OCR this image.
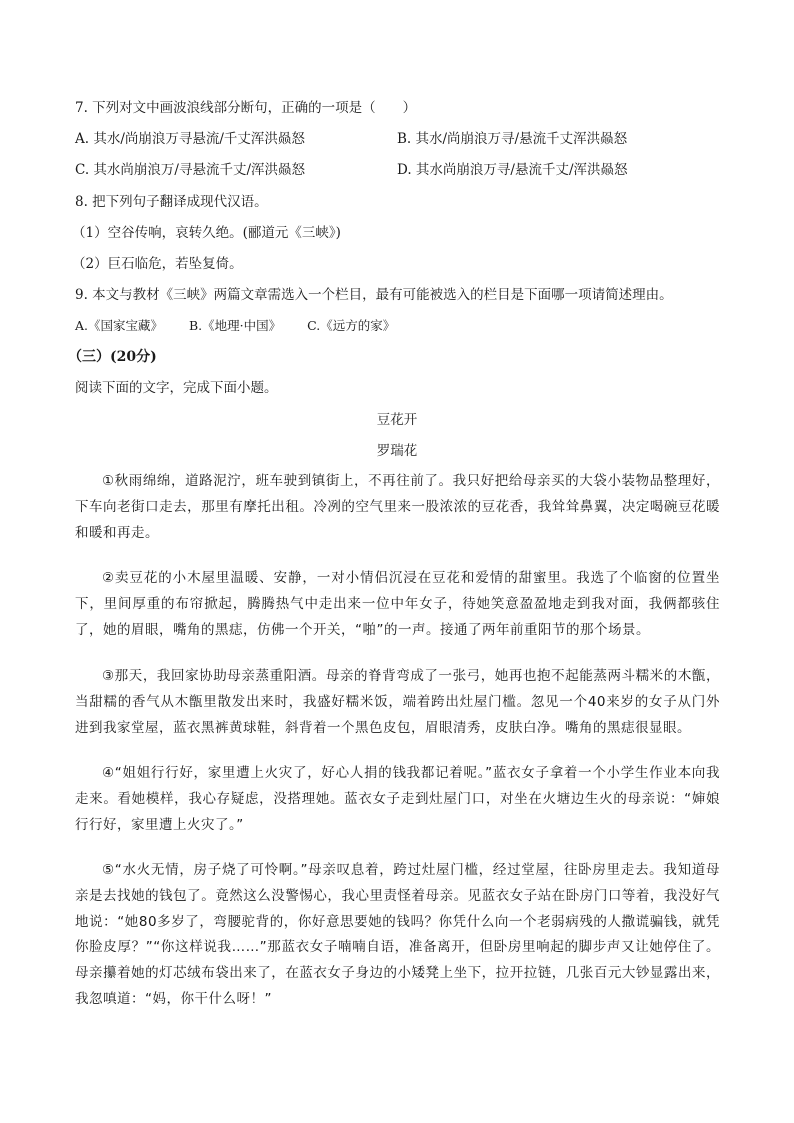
7. 下列对文中画波浪线部分断句，正确的一项是（　　）
A. 其水/尚崩浪万寻悬流/千丈浑洪赑怒	B. 其水/尚崩浪万寻/悬流千丈浑洪赑怒
C. 其水尚崩浪万/寻悬流千丈/浑洪赑怒	D. 其水尚崩浪万寻/悬流千丈/浑洪赑怒
8. 把下列句子翻译成现代汉语。
（1）空谷传响，哀转久绝。(郦道元《三峡》)
（2）巨石临危，若坠复倚。
9. 本文与教材《三峡》两篇文章需选入一个栏目，最有可能被选入的栏目是下面哪一项请简述理由。
A.《国家宝藏》 B.《地理·中国》 C.《远方的家》
（三）(20分)
阅读下面的文字，完成下面小题。
豆花开
罗瑞花
①秋雨绵绵，道路泥泞，班车驶到镇街上，不再往前了。我只好把给母亲买的大袋小装物品整理好，下车向老街口走去，那里有摩托出租。冷冽的空气里来一股浓浓的豆花香，我耸耸鼻翼，决定喝碗豆花暖和暖和再走。
②卖豆花的小木屋里温暖、安静，一对小情侣沉浸在豆花和爱情的甜蜜里。我选了个临窗的位置坐下，里间厚重的布帘掀起，腾腾热气中走出来一位中年女子，待她笑意盈盈地走到我对面，我俩都骇住了，她的眉眼，嘴角的黑痣，仿佛一个开关，“啪”的一声。接通了两年前重阳节的那个场景。
③那天，我回家协助母亲蒸重阳酒。母亲的脊背弯成了一张弓，她再也抱不起能蒸两斗糯米的木甑，当甜糯的香气从木甑里散发出来时，我盛好糯米饭，端着跨出灶屋门槛。忽见一个40来岁的女子从门外进到我家堂屋，蓝衣黑裤黄球鞋，斜背着一个黑色皮包，眉眼清秀，皮肤白净。嘴角的黑痣很显眼。
④“姐姐行行好，家里遭上火灾了，好心人捐的钱我都记着呢。”蓝衣女子拿着一个小学生作业本向我走来。看她模样，我心存疑虑，没搭理她。蓝衣女子走到灶屋门口，对坐在火塘边生火的母亲说：“婶娘行行好，家里遭上火灾了。”
⑤“水火无情，房子烧了可怜啊。”母亲叹息着，跨过灶屋门槛，经过堂屋，往卧房里走去。我知道母亲是去找她的钱包了。竟然这么没警惕心，我心里责怪着母亲。见蓝衣女子站在卧房门口等着，我没好气地说：“她80多岁了，弯腰驼背的，你好意思要她的钱吗？你凭什么向一个老弱病残的人撒谎骗钱，就凭你脸皮厚？”“你这样说我……”那蓝衣女子喃喃自语，准备离开，但卧房里响起的脚步声又让她停住了。母亲攥着她的灯芯绒布袋出来了，在蓝衣女子身边的小矮凳上坐下，拉开拉链，几张百元大钞显露出来，我忽嗔道：“妈，你干什么呀！”
